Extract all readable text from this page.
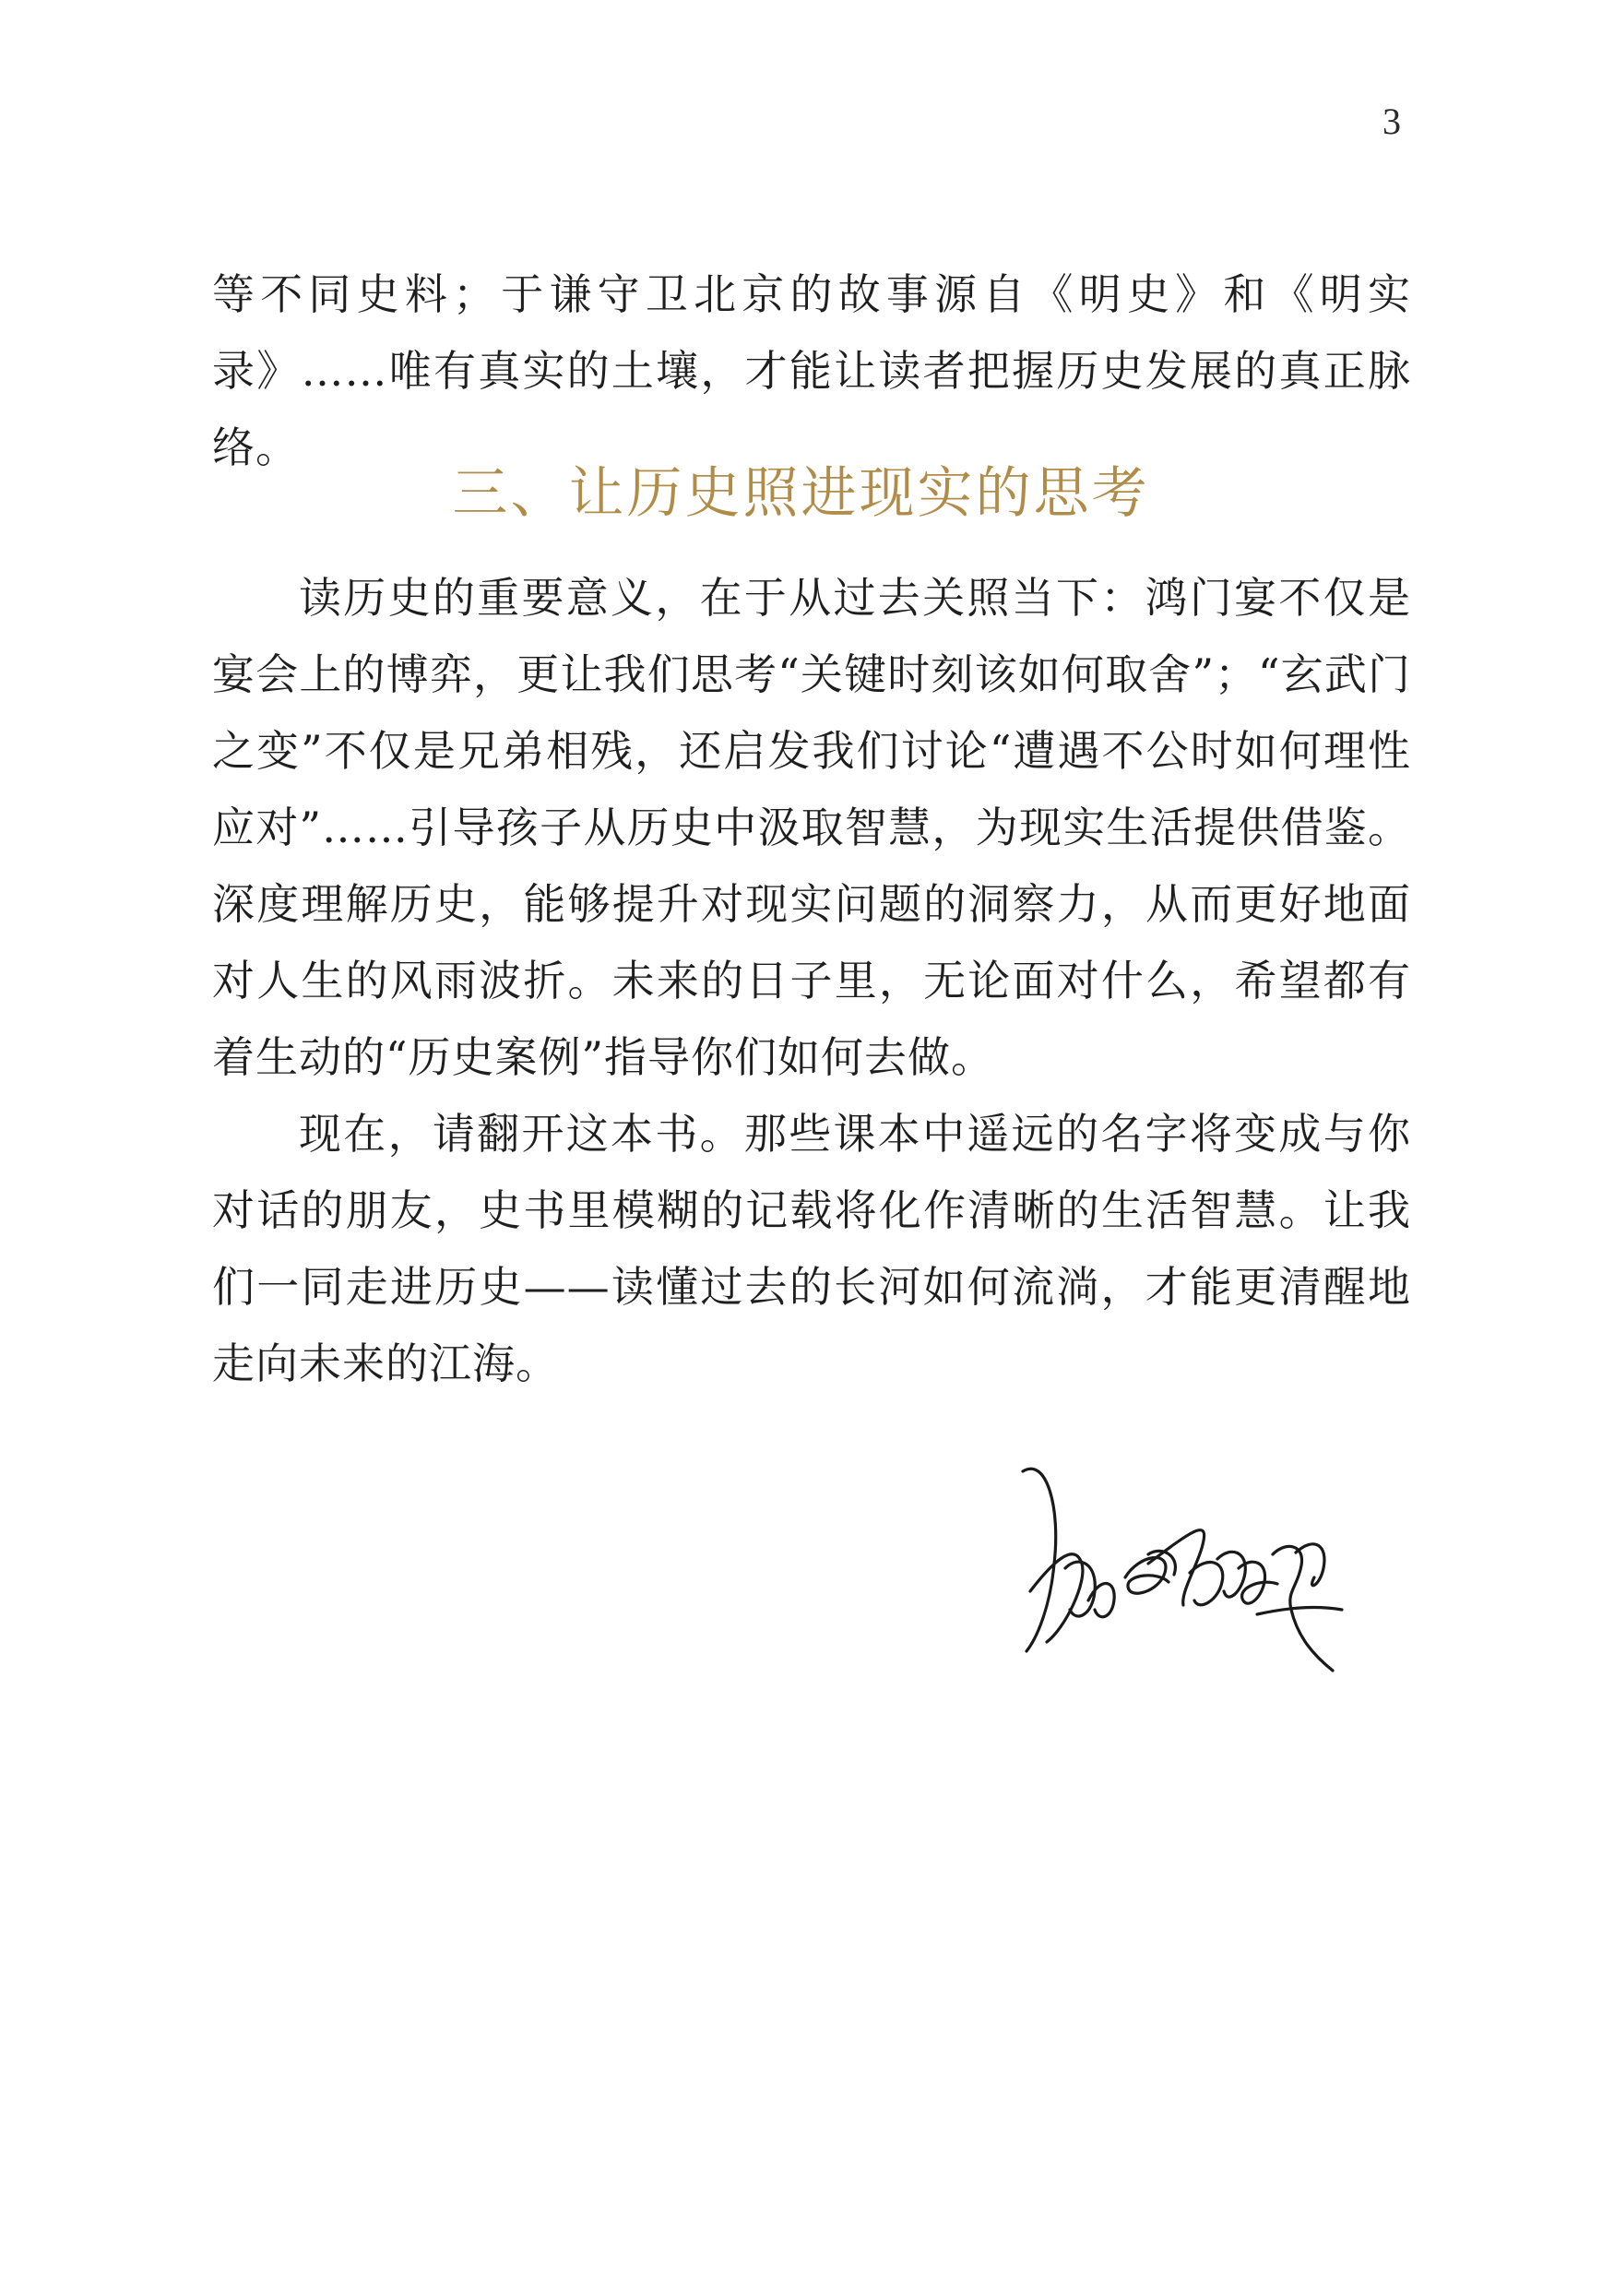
3

等不同史料；于谦守卫北京的故事源自《明史》和《明实录》……唯有真实的土壤，才能让读者把握历史发展的真正脉络。

三、让历史照进现实的思考

读历史的重要意义，在于从过去关照当下：鸿门宴不仅是宴会上的博弈，更让我们思考“关键时刻该如何取舍”；“玄武门之变”不仅是兄弟相残，还启发我们讨论“遭遇不公时如何理性应对”……引导孩子从历史中汲取智慧，为现实生活提供借鉴。深度理解历史，能够提升对现实问题的洞察力，从而更好地面对人生的风雨波折。未来的日子里，无论面对什么，希望都有着生动的“历史案例”指导你们如何去做。

现在，请翻开这本书。那些课本中遥远的名字将变成与你对话的朋友，史书里模糊的记载将化作清晰的生活智慧。让我们一同走进历史——读懂过去的长河如何流淌，才能更清醒地走向未来的江海。
